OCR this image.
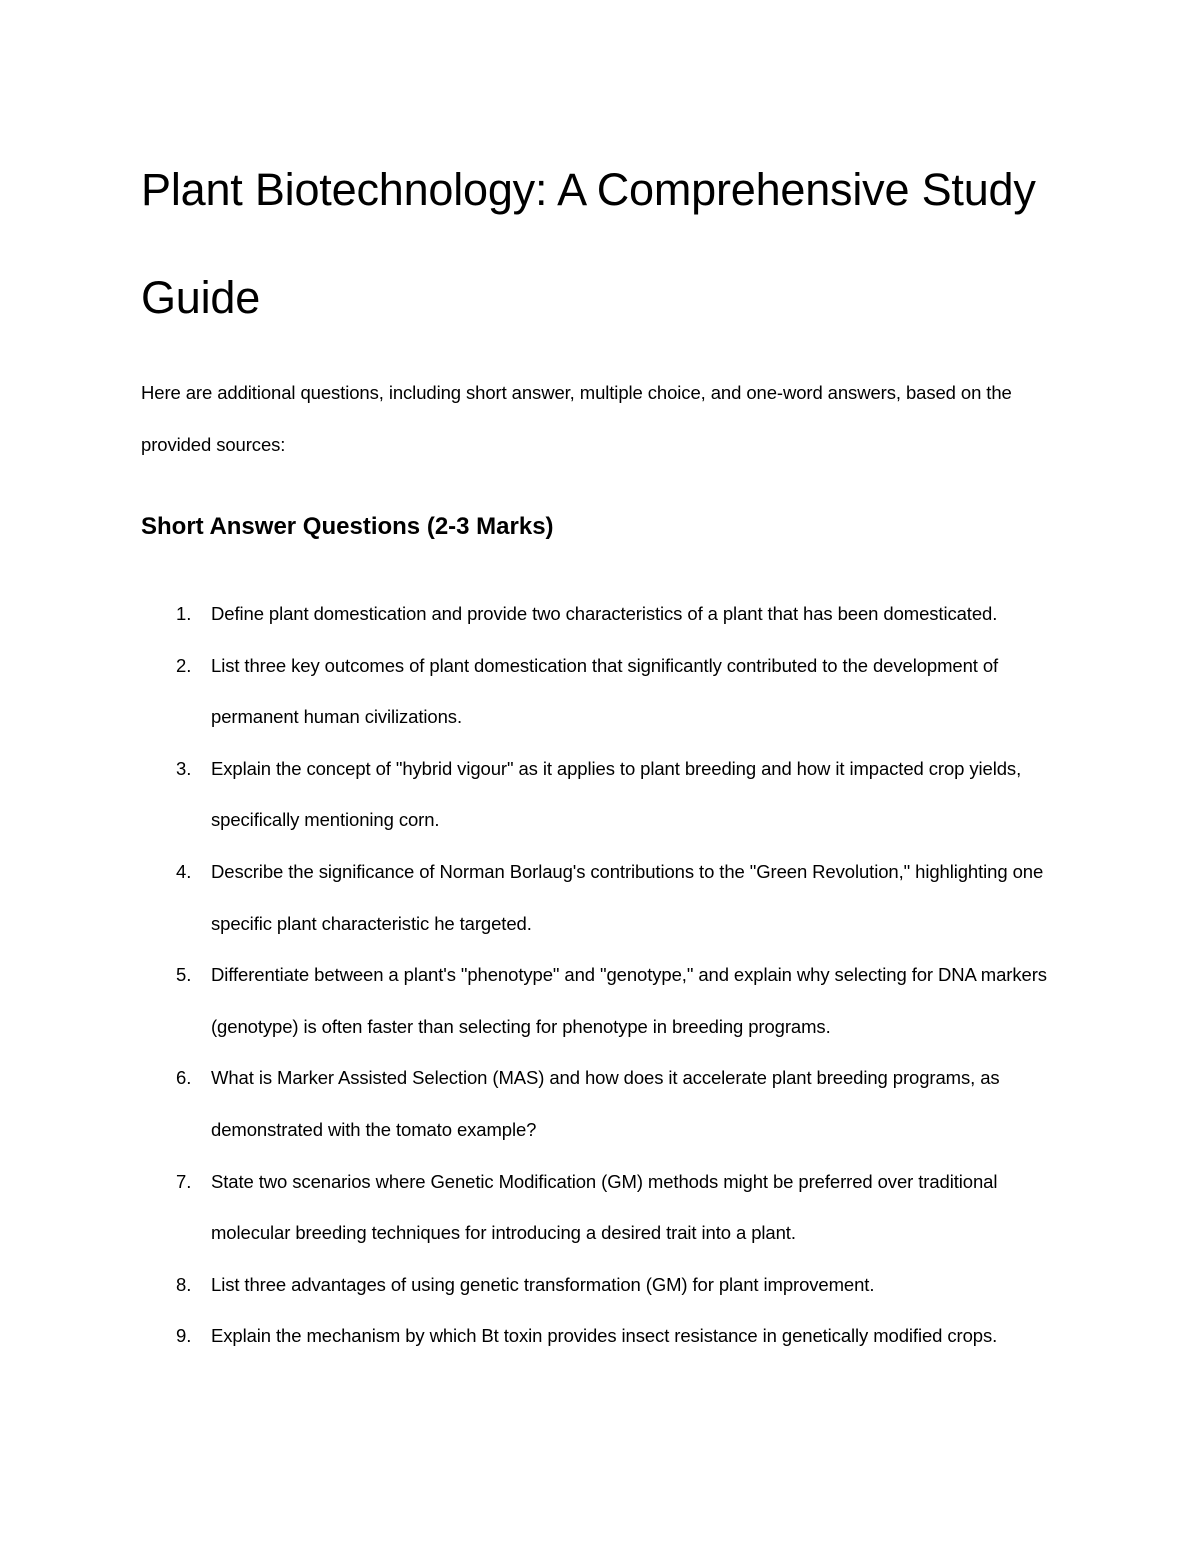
Plant Biotechnology: A Comprehensive Study Guide

Here are additional questions, including short answer, multiple choice, and one-word answers, based on the provided sources:

Short Answer Questions (2-3 Marks)
1. Define plant domestication and provide two characteristics of a plant that has been domesticated.
2. List three key outcomes of plant domestication that significantly contributed to the development of permanent human civilizations.
3. Explain the concept of "hybrid vigour" as it applies to plant breeding and how it impacted crop yields, specifically mentioning corn.
4. Describe the significance of Norman Borlaug's contributions to the "Green Revolution," highlighting one specific plant characteristic he targeted.
5. Differentiate between a plant's "phenotype" and "genotype," and explain why selecting for DNA markers (genotype) is often faster than selecting for phenotype in breeding programs.
6. What is Marker Assisted Selection (MAS) and how does it accelerate plant breeding programs, as demonstrated with the tomato example?
7. State two scenarios where Genetic Modification (GM) methods might be preferred over traditional molecular breeding techniques for introducing a desired trait into a plant.
8. List three advantages of using genetic transformation (GM) for plant improvement.
9. Explain the mechanism by which Bt toxin provides insect resistance in genetically modified crops.
